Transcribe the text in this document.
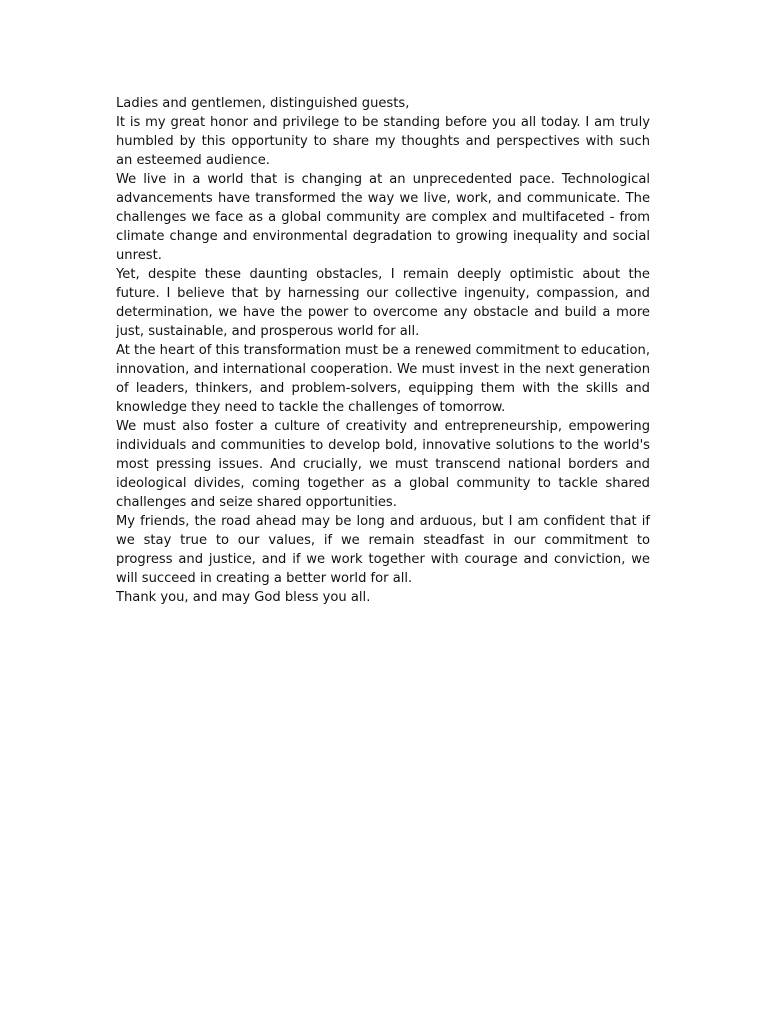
Ladies and gentlemen, distinguished guests,

It is my great honor and privilege to be standing before you all today. I am truly humbled by this opportunity to share my thoughts and perspectives with such an esteemed audience.

We live in a world that is changing at an unprecedented pace. Technological advancements have transformed the way we live, work, and communicate. The challenges we face as a global community are complex and multifaceted - from climate change and environmental degradation to growing inequality and social unrest.

Yet, despite these daunting obstacles, I remain deeply optimistic about the future. I believe that by harnessing our collective ingenuity, compassion, and determination, we have the power to overcome any obstacle and build a more just, sustainable, and prosperous world for all.

At the heart of this transformation must be a renewed commitment to education, innovation, and international cooperation. We must invest in the next generation of leaders, thinkers, and problem-solvers, equipping them with the skills and knowledge they need to tackle the challenges of tomorrow.

We must also foster a culture of creativity and entrepreneurship, empowering individuals and communities to develop bold, innovative solutions to the world's most pressing issues. And crucially, we must transcend national borders and ideological divides, coming together as a global community to tackle shared challenges and seize shared opportunities.

My friends, the road ahead may be long and arduous, but I am confident that if we stay true to our values, if we remain steadfast in our commitment to progress and justice, and if we work together with courage and conviction, we will succeed in creating a better world for all.

Thank you, and may God bless you all.
